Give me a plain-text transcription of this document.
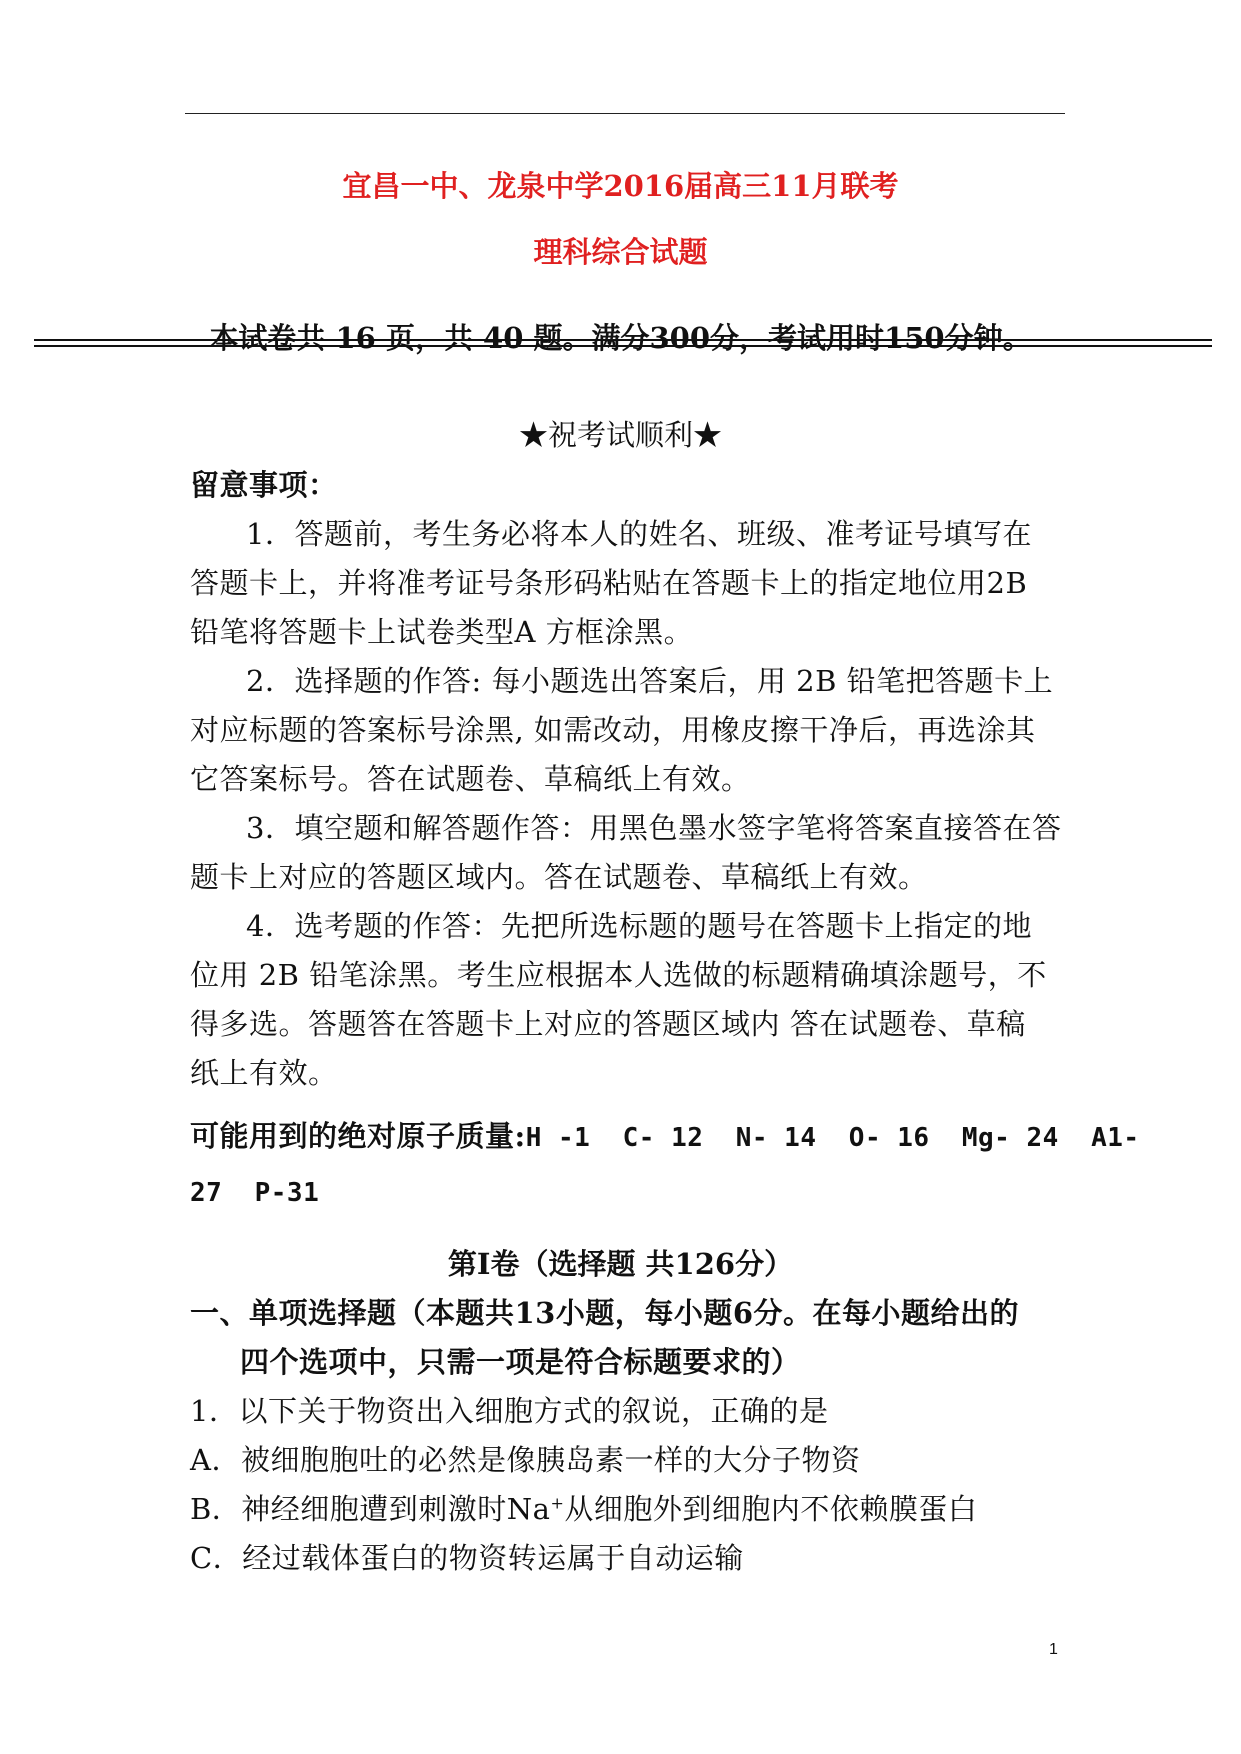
宜昌一中、龙泉中学2016届高三11月联考
理科综合试题
本试卷共 16 页，共 40 题。满分300分，考试用时150分钟。
★祝考试顺利★
留意事项：
1．答题前，考生务必将本人的姓名、班级、准考证号填写在
答题卡上，并将准考证号条形码粘贴在答题卡上的指定地位用2B
铅笔将答题卡上试卷类型A 方框涂黑。
2．选择题的作答: 每小题选出答案后，用 2B 铅笔把答题卡上
对应标题的答案标号涂黑, 如需改动，用橡皮擦干净后，再选涂其
它答案标号。答在试题卷、草稿纸上有效。
3．填空题和解答题作答：用黑色墨水签字笔将答案直接答在答
题卡上对应的答题区域内。答在试题卷、草稿纸上有效。
4．选考题的作答：先把所选标题的题号在答题卡上指定的地
位用 2B 铅笔涂黑。考生应根据本人选做的标题精确填涂题号，不
得多选。答题答在答题卡上对应的答题区域内 答在试题卷、草稿
纸上有效。
可能用到的绝对原子质量:H -1  C- 12  N- 14  O- 16  Mg- 24  A1-
27  P-31
第Ⅰ卷（选择题 共126分）
一、单项选择题（本题共13小题，每小题6分。在每小题给出的
四个选项中，只需一项是符合标题要求的）
1．以下关于物资出入细胞方式的叙说，正确的是
A．被细胞胞吐的必然是像胰岛素一样的大分子物资
B．神经细胞遭到刺激时Na+从细胞外到细胞内不依赖膜蛋白
C．经过载体蛋白的物资转运属于自动运输
1
